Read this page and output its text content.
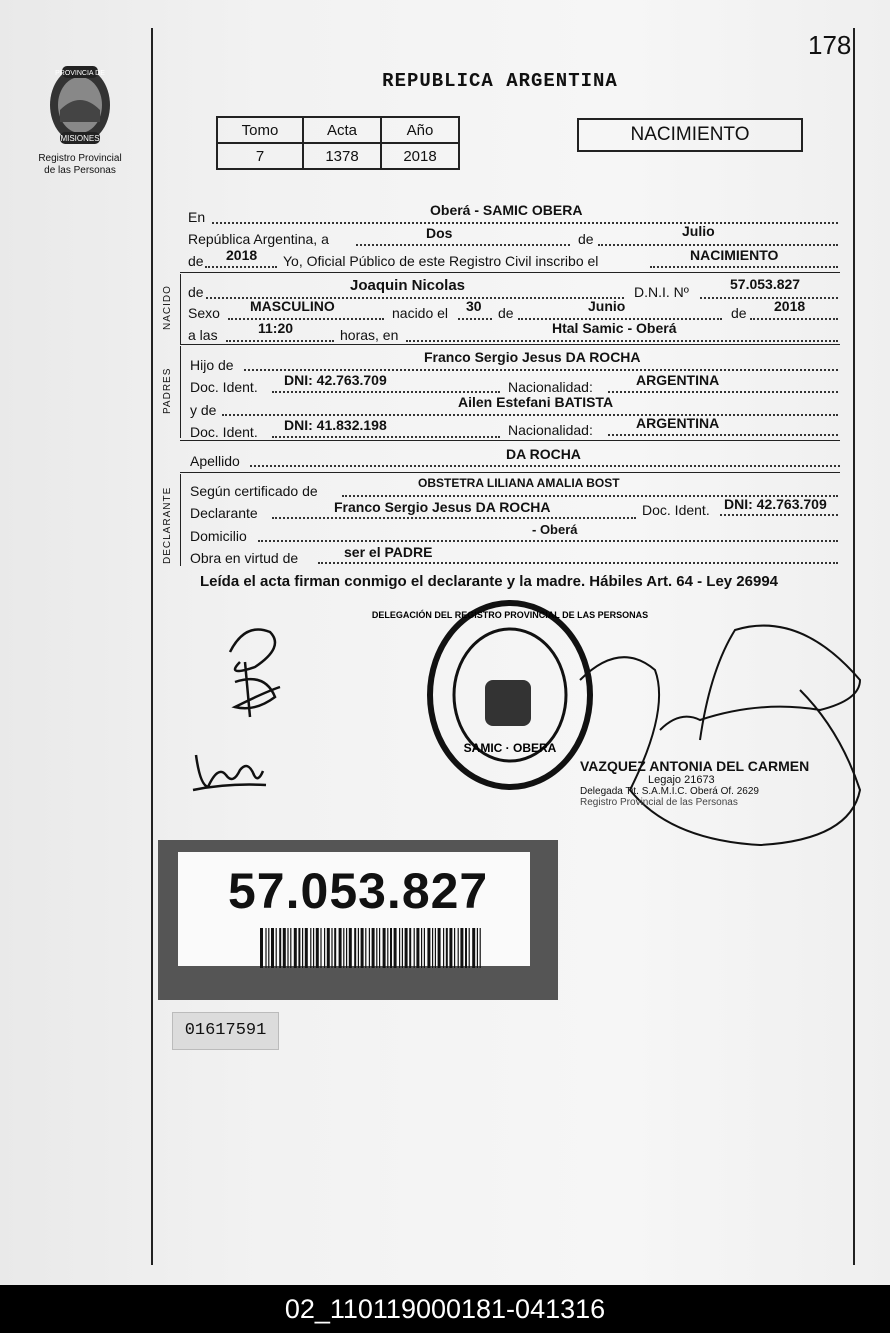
178
PROVINCIA DE
MISIONES
Registro Provincial
de las Personas
REPUBLICA ARGENTINA
Tomo	Acta	Año
7	1378	2018
NACIMIENTO
En	Oberá - SAMIC OBERA
República Argentina, a	Dos	de	Julio
de 2018 Yo, Oficial Público de este Registro Civil inscribo el	NACIMIENTO
NACIDO de	Joaquin Nicolas	D.N.I. Nº	57.053.827
Sexo MASCULINO	nacido el 30 de	Junio	de 2018
a las	11:20	horas, en	Htal Samic - Oberá
PADRES
Hijo de	Franco Sergio Jesus DA ROCHA
Doc. Ident. DNI: 42.763.709	Nacionalidad:	ARGENTINA
y de	Ailen Estefani BATISTA
Doc. Ident. DNI: 41.832.198	Nacionalidad:	ARGENTINA
Apellido	DA ROCHA
DECLARANTE Según certificado de	OBSTETRA LILIANA AMALIA BOST
Declarante	Franco Sergio Jesus DA ROCHA	Doc. Ident. DNI: 42.763.709
Domicilio	- Oberá
Obra en virtud de	ser el PADRE
Leída el acta firman conmigo el declarante y la madre. Hábiles Art. 64 - Ley 26994
SAMIC · OBERA
DELEGACIÓN DEL REGISTRO PROVINCIAL DE LAS PERSONAS
VAZQUEZ ANTONIA DEL CARMEN
Legajo 21673
Delegada Tit. S.A.M.I.C. Oberá Of. 2629
Registro Provincial de las Personas
57.053.827
01617591
02_110119000181-041316
